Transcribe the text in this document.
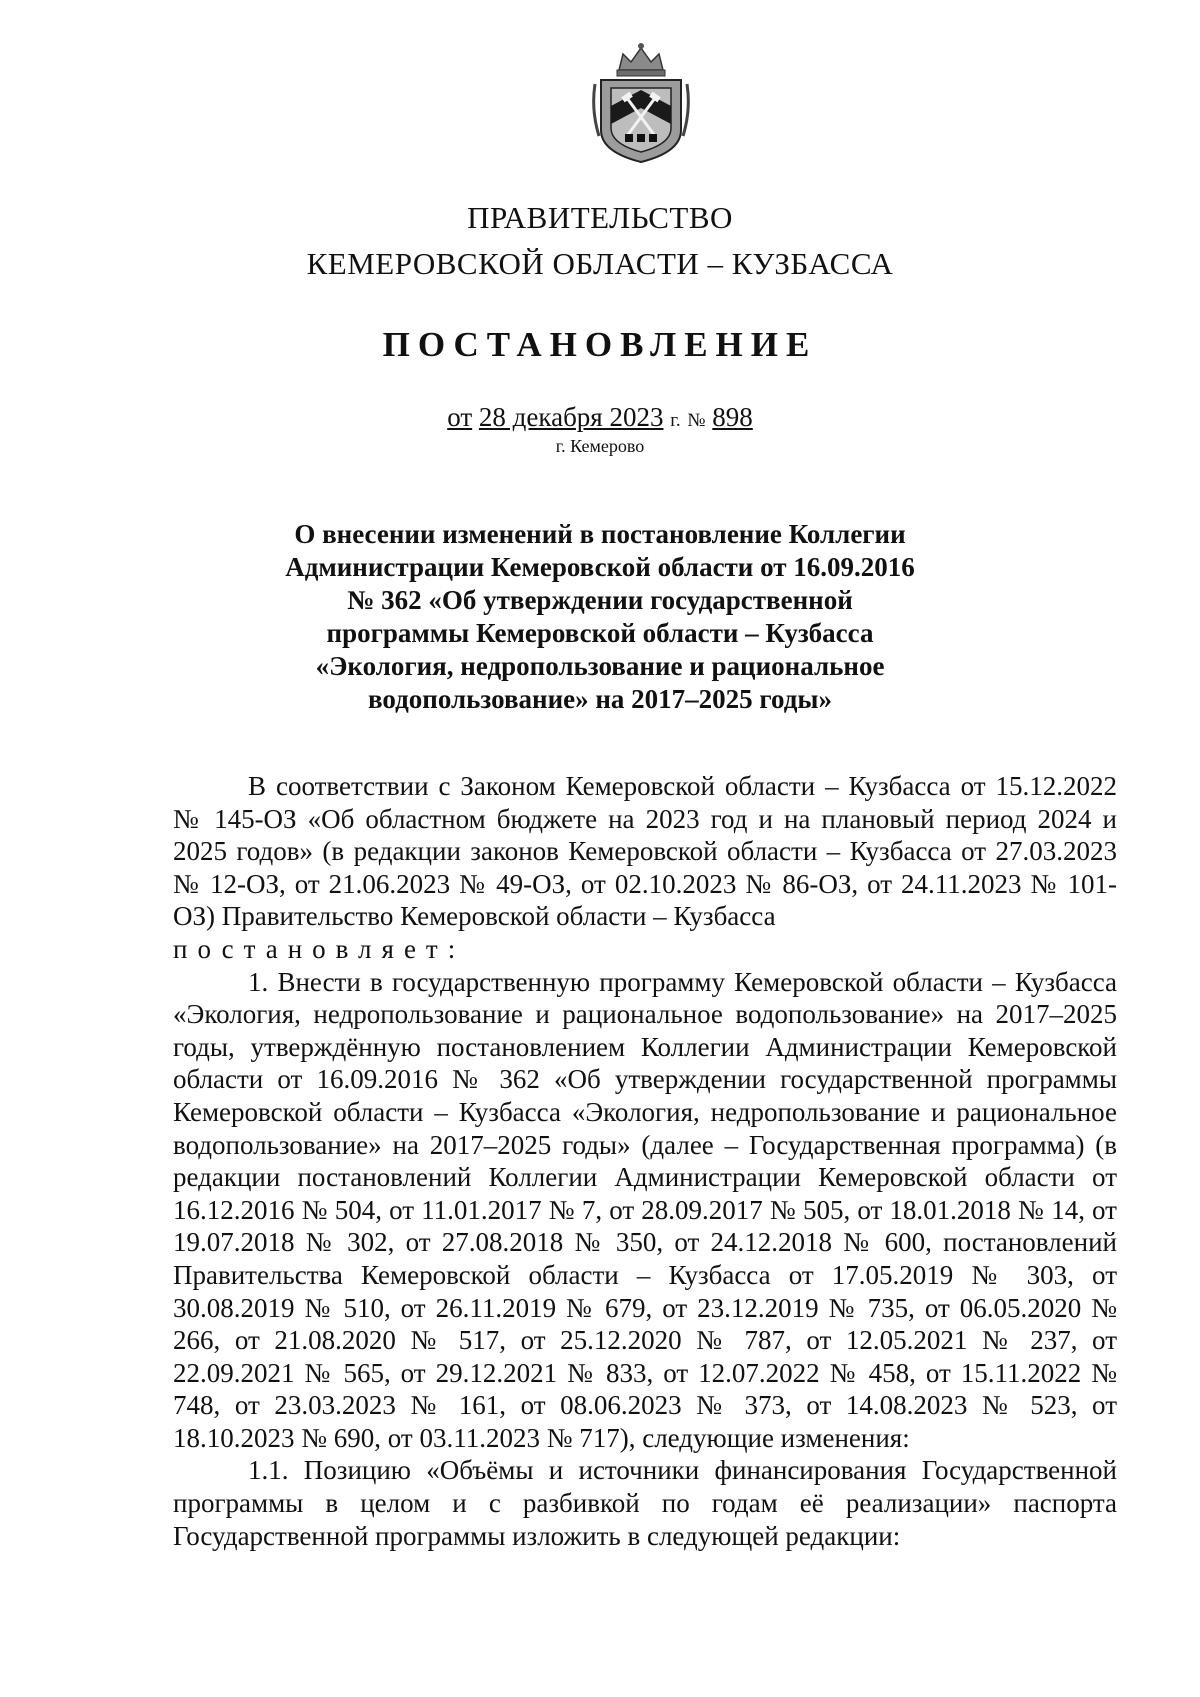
ПРАВИТЕЛЬСТВО
КЕМЕРОВСКОЙ ОБЛАСТИ – КУЗБАССА
ПОСТАНОВЛЕНИЕ
от 28 декабря 2023 г. № 898
г. Кемерово
О внесении изменений в постановление Коллегии
Администрации Кемеровской области от 16.09.2016
№ 362 «Об утверждении государственной
программы Кемеровской области – Кузбасса
«Экология, недропользование и рациональное
водопользование» на 2017–2025 годы»

В соответствии с Законом Кемеровской области – Кузбасса от 15.12.2022 № 145-ОЗ «Об областном бюджете на 2023 год и на плановый период 2024 и 2025 годов» (в редакции законов Кемеровской области – Кузбасса от 27.03.2023 № 12-ОЗ, от 21.06.2023 № 49-ОЗ, от 02.10.2023 № 86-ОЗ, от 24.11.2023 № 101-ОЗ) Правительство Кемеровской области – Кузбасса

постановляет:

1. Внести в государственную программу Кемеровской области – Кузбасса «Экология, недропользование и рациональное водопользование» на 2017–2025 годы, утверждённую постановлением Коллегии Администрации Кемеровской области от 16.09.2016 № 362 «Об утверждении государственной программы Кемеровской области – Кузбасса «Экология, недропользование и рациональное водопользование» на 2017–2025 годы» (далее – Государственная программа) (в редакции постановлений Коллегии Администрации Кемеровской области от 16.12.2016 № 504, от 11.01.2017 № 7, от 28.09.2017 № 505, от 18.01.2018 № 14, от 19.07.2018 № 302, от 27.08.2018 № 350, от 24.12.2018 № 600, постановлений Правительства Кемеровской области – Кузбасса от 17.05.2019 № 303, от 30.08.2019 № 510, от 26.11.2019 № 679, от 23.12.2019 № 735, от 06.05.2020 № 266, от 21.08.2020 № 517, от 25.12.2020 № 787, от 12.05.2021 № 237, от 22.09.2021 № 565, от 29.12.2021 № 833, от 12.07.2022 № 458, от 15.11.2022 № 748, от 23.03.2023 № 161, от 08.06.2023 № 373, от 14.08.2023 № 523, от 18.10.2023 № 690, от 03.11.2023 № 717), следующие изменения:

1.1. Позицию «Объёмы и источники финансирования Государственной программы в целом и с разбивкой по годам её реализации» паспорта Государственной программы изложить в следующей редакции:
